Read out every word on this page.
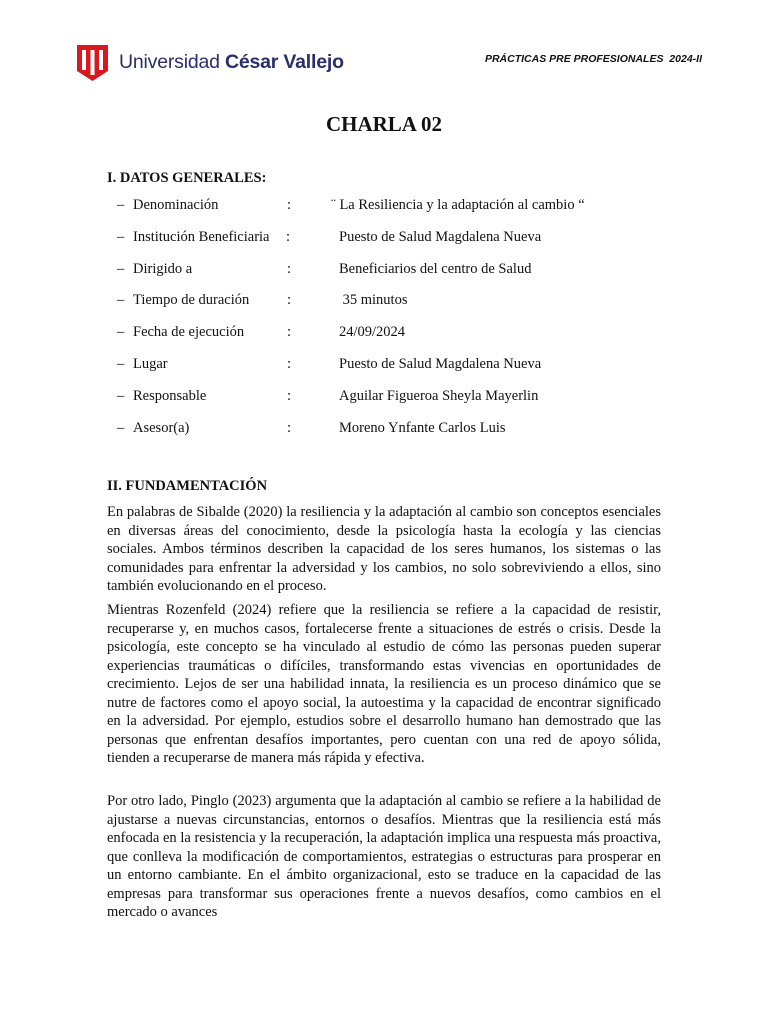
Universidad César Vallejo	PRÁCTICAS PRE PROFESIONALES  2024-II
CHARLA 02
I. DATOS GENERALES:
– Denominación	:	¨ La Resiliencia y la adaptación al cambio “
– Institución Beneficiaria :	Puesto de Salud Magdalena Nueva
– Dirigido a	:	Beneficiarios del centro de Salud
– Tiempo de duración	:	35 minutos
– Fecha de ejecución	:	24/09/2024
– Lugar	:	Puesto de Salud Magdalena Nueva
– Responsable	:	Aguilar Figueroa Sheyla Mayerlin
– Asesor(a)	:	Moreno Ynfante Carlos Luis
II. FUNDAMENTACIÓN

En palabras de Sibalde (2020) la resiliencia y la adaptación al cambio son conceptos esenciales en diversas áreas del conocimiento, desde la psicología hasta la ecología y las ciencias sociales. Ambos términos describen la capacidad de los seres humanos, los sistemas o las comunidades para enfrentar la adversidad y los cambios, no solo sobreviviendo a ellos, sino también evolucionando en el proceso.

Mientras Rozenfeld (2024) refiere que la resiliencia se refiere a la capacidad de resistir, recuperarse y, en muchos casos, fortalecerse frente a situaciones de estrés o crisis. Desde la psicología, este concepto se ha vinculado al estudio de cómo las personas pueden superar experiencias traumáticas o difíciles, transformando estas vivencias en oportunidades de crecimiento. Lejos de ser una habilidad innata, la resiliencia es un proceso dinámico que se nutre de factores como el apoyo social, la autoestima y la capacidad de encontrar significado en la adversidad. Por ejemplo, estudios sobre el desarrollo humano han demostrado que las personas que enfrentan desafíos importantes, pero cuentan con una red de apoyo sólida, tienden a recuperarse de manera más rápida y efectiva.

Por otro lado, Pinglo (2023) argumenta que la adaptación al cambio se refiere a la habilidad de ajustarse a nuevas circunstancias, entornos o desafíos. Mientras que la resiliencia está más enfocada en la resistencia y la recuperación, la adaptación implica una respuesta más proactiva, que conlleva la modificación de comportamientos, estrategias o estructuras para prosperar en un entorno cambiante. En el ámbito organizacional, esto se traduce en la capacidad de las empresas para transformar sus operaciones frente a nuevos desafíos, como cambios en el mercado o avances
